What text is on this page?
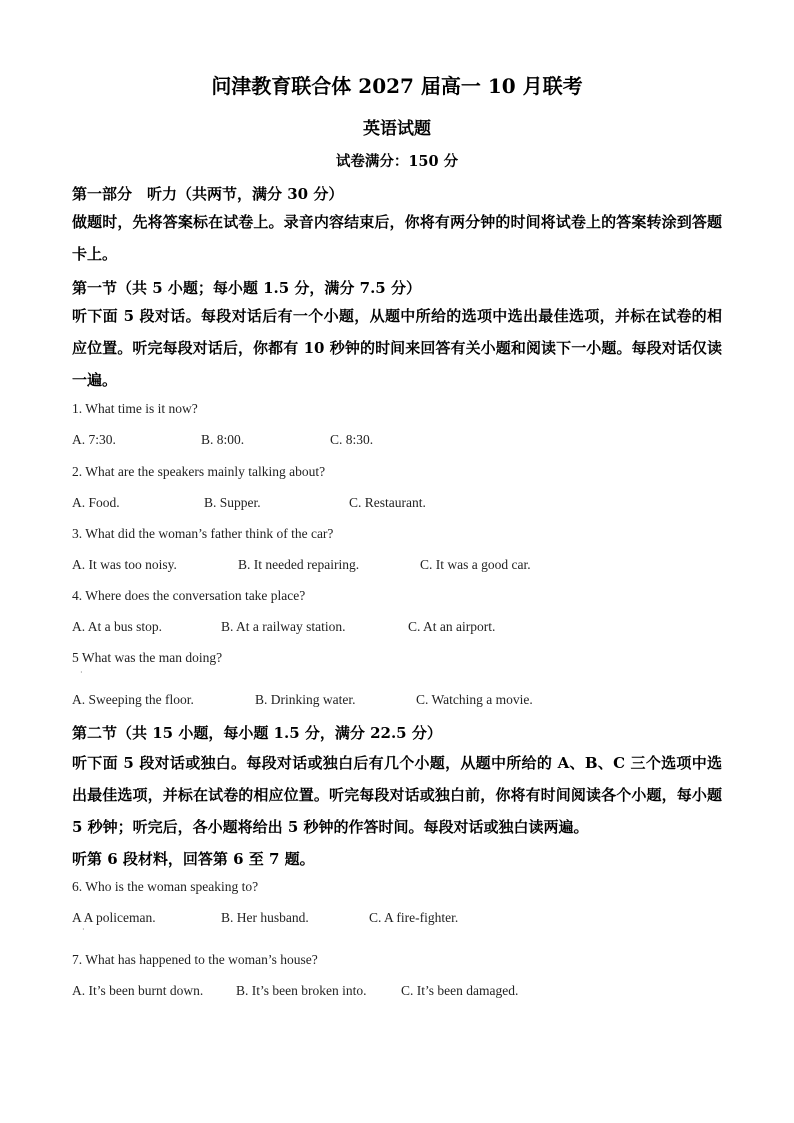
问津教育联合体 2027 届高一 10 月联考
英语试题
试卷满分：150 分
第一部分　听力（共两节，满分 30 分）
做题时，先将答案标在试卷上。录音内容结束后，你将有两分钟的时间将试卷上的答案转涂到答题卡上。
第一节（共 5 小题；每小题 1.5 分，满分 7.5 分）
听下面 5 段对话。每段对话后有一个小题，从题中所给的选项中选出最佳选项，并标在试卷的相应位置。听完每段对话后，你都有 10 秒钟的时间来回答有关小题和阅读下一小题。每段对话仅读一遍。
1. What time is it now?
A. 7:30.	B. 8:00.	C. 8:30.
2. What are the speakers mainly talking about?
A. Food.	B. Supper.	C. Restaurant.
3. What did the woman’s father think of the car?
A. It was too noisy.	B. It needed repairing.	C. It was a good car.
4. Where does the conversation take place?
A. At a bus stop.	B. At a railway station.	C. At an airport.
5 What was the man doing?
·
A. Sweeping the floor.	B. Drinking water.	C. Watching a movie.
第二节（共 15 小题，每小题 1.5 分，满分 22.5 分）
听下面 5 段对话或独白。每段对话或独白后有几个小题，从题中所给的 A、B、C 三个选项中选出最佳选项，并标在试卷的相应位置。听完每段对话或独白前，你将有时间阅读各个小题，每小题 5 秒钟；听完后，各小题将给出 5 秒钟的作答时间。每段对话或独白读两遍。
听第 6 段材料，回答第 6 至 7 题。
6. Who is the woman speaking to?
A A policeman.
·
B. Her husband.	C. A fire-fighter.
7. What has happened to the woman’s house?
A. It’s been burnt down. B. It’s been broken into.	C. It’s been damaged.
